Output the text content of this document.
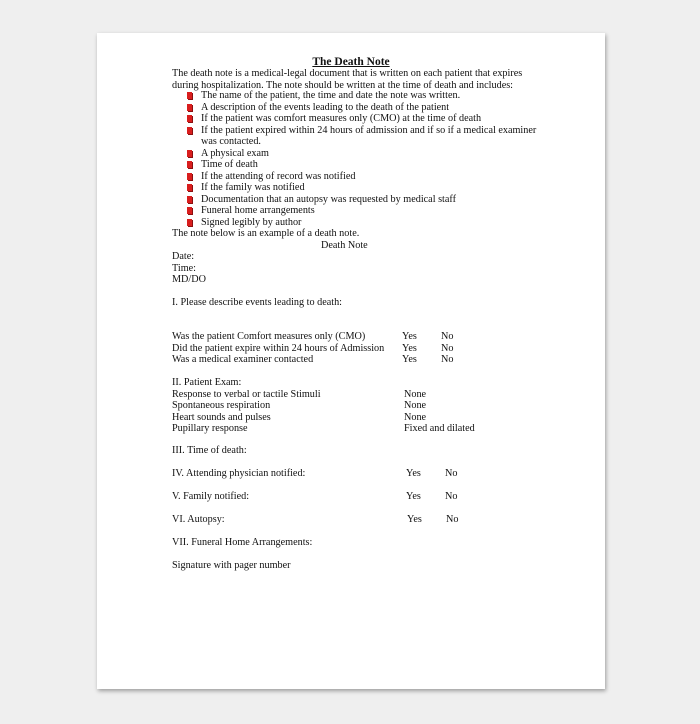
The Death Note
The death note is a medical-legal document that is written on each patient that expires
during hospitalization. The note should be written at the time of death and includes:
The name of the patient, the time and date the note was written.
A description of the events leading to the death of the patient
If the patient was comfort measures only (CMO) at the time of death
If the patient expired within 24 hours of admission and if so if a medical examiner was contacted.
A physical exam
Time of death
If the attending of record was notified
If the family was notified
Documentation that an autopsy was requested by medical staff
Funeral home arrangements
Signed legibly by author
The note below is an example of a death note.
Death Note
Date:
Time:
MD/DO
I. Please describe events leading to death:
Was the patient Comfort measures only (CMO)	Yes No
Did the patient expire within 24 hours of Admission Yes No
Was a medical examiner contacted	Yes No
II. Patient Exam:
Response to verbal or tactile Stimuli	None
Spontaneous respiration	None
Heart sounds and pulses	None
Pupillary response	Fixed and dilated
III. Time of death:
IV. Attending physician notified:	Yes No
V. Family notified:	Yes No
VI. Autopsy:	Yes No
VII. Funeral Home Arrangements:
Signature with pager number
